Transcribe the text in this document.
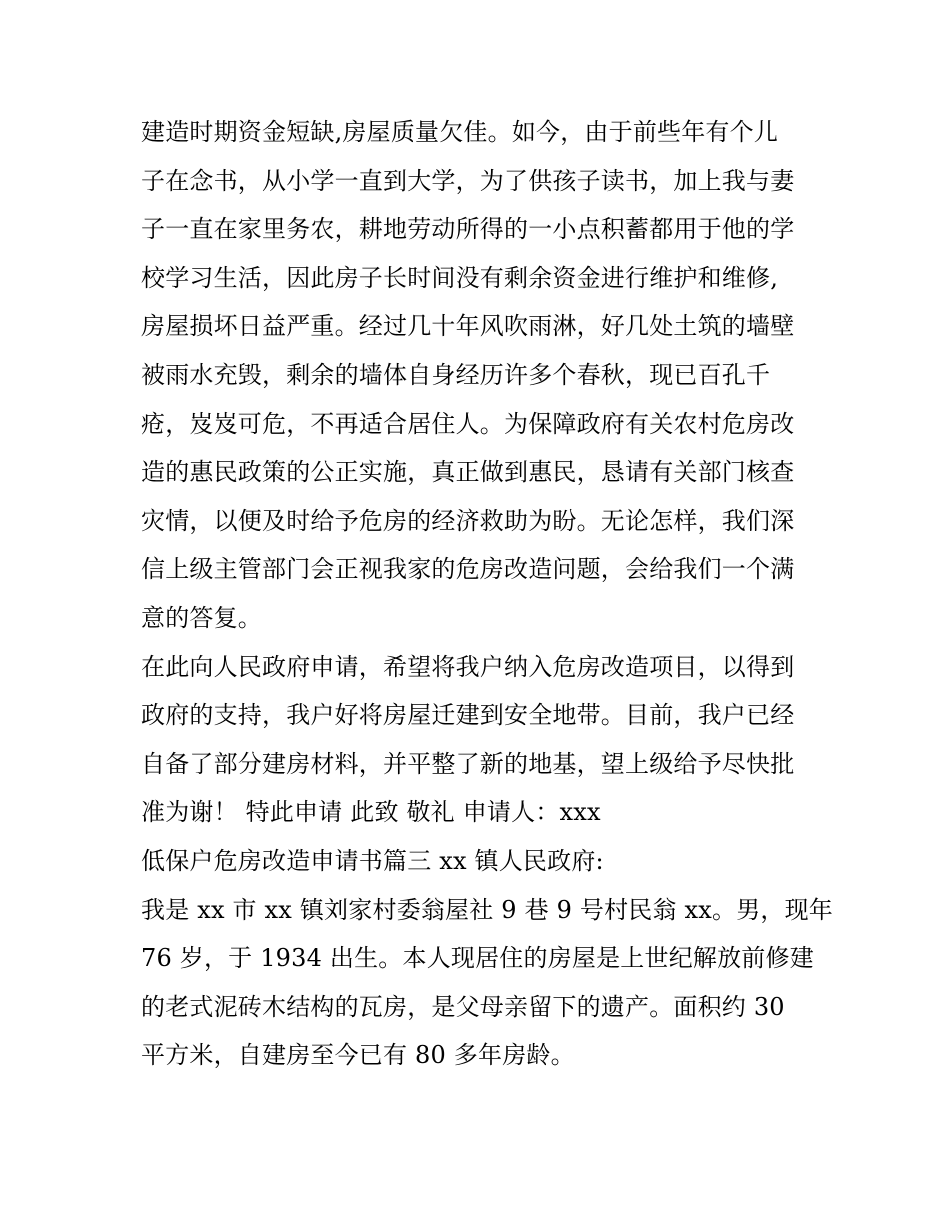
建造时期资金短缺,房屋质量欠佳。如今，由于前些年有个儿
子在念书，从小学一直到大学，为了供孩子读书，加上我与妻
子一直在家里务农，耕地劳动所得的一小点积蓄都用于他的学
校学习生活，因此房子长时间没有剩余资金进行维护和维修,
房屋损坏日益严重。经过几十年风吹雨淋，好几处土筑的墙壁
被雨水充毁，剩余的墙体自身经历许多个春秋，现已百孔千
疮，岌岌可危，不再适合居住人。为保障政府有关农村危房改
造的惠民政策的公正实施，真正做到惠民，恳请有关部门核查
灾情，以便及时给予危房的经济救助为盼。无论怎样，我们深
信上级主管部门会正视我家的危房改造问题，会给我们一个满
意的答复。
在此向人民政府申请，希望将我户纳入危房改造项目，以得到
政府的支持，我户好将房屋迁建到安全地带。目前，我户已经
自备了部分建房材料，并平整了新的地基，望上级给予尽快批
准为谢！ 特此申请 此致 敬礼 申请人：xxx
低保户危房改造申请书篇三 xx 镇人民政府:
我是 xx 市 xx 镇刘家村委翁屋社 9 巷 9 号村民翁 xx。男，现年
76 岁，于 1934 出生。本人现居住的房屋是上世纪解放前修建
的老式泥砖木结构的瓦房，是父母亲留下的遗产。面积约 30
平方米，自建房至今已有 80 多年房龄。
